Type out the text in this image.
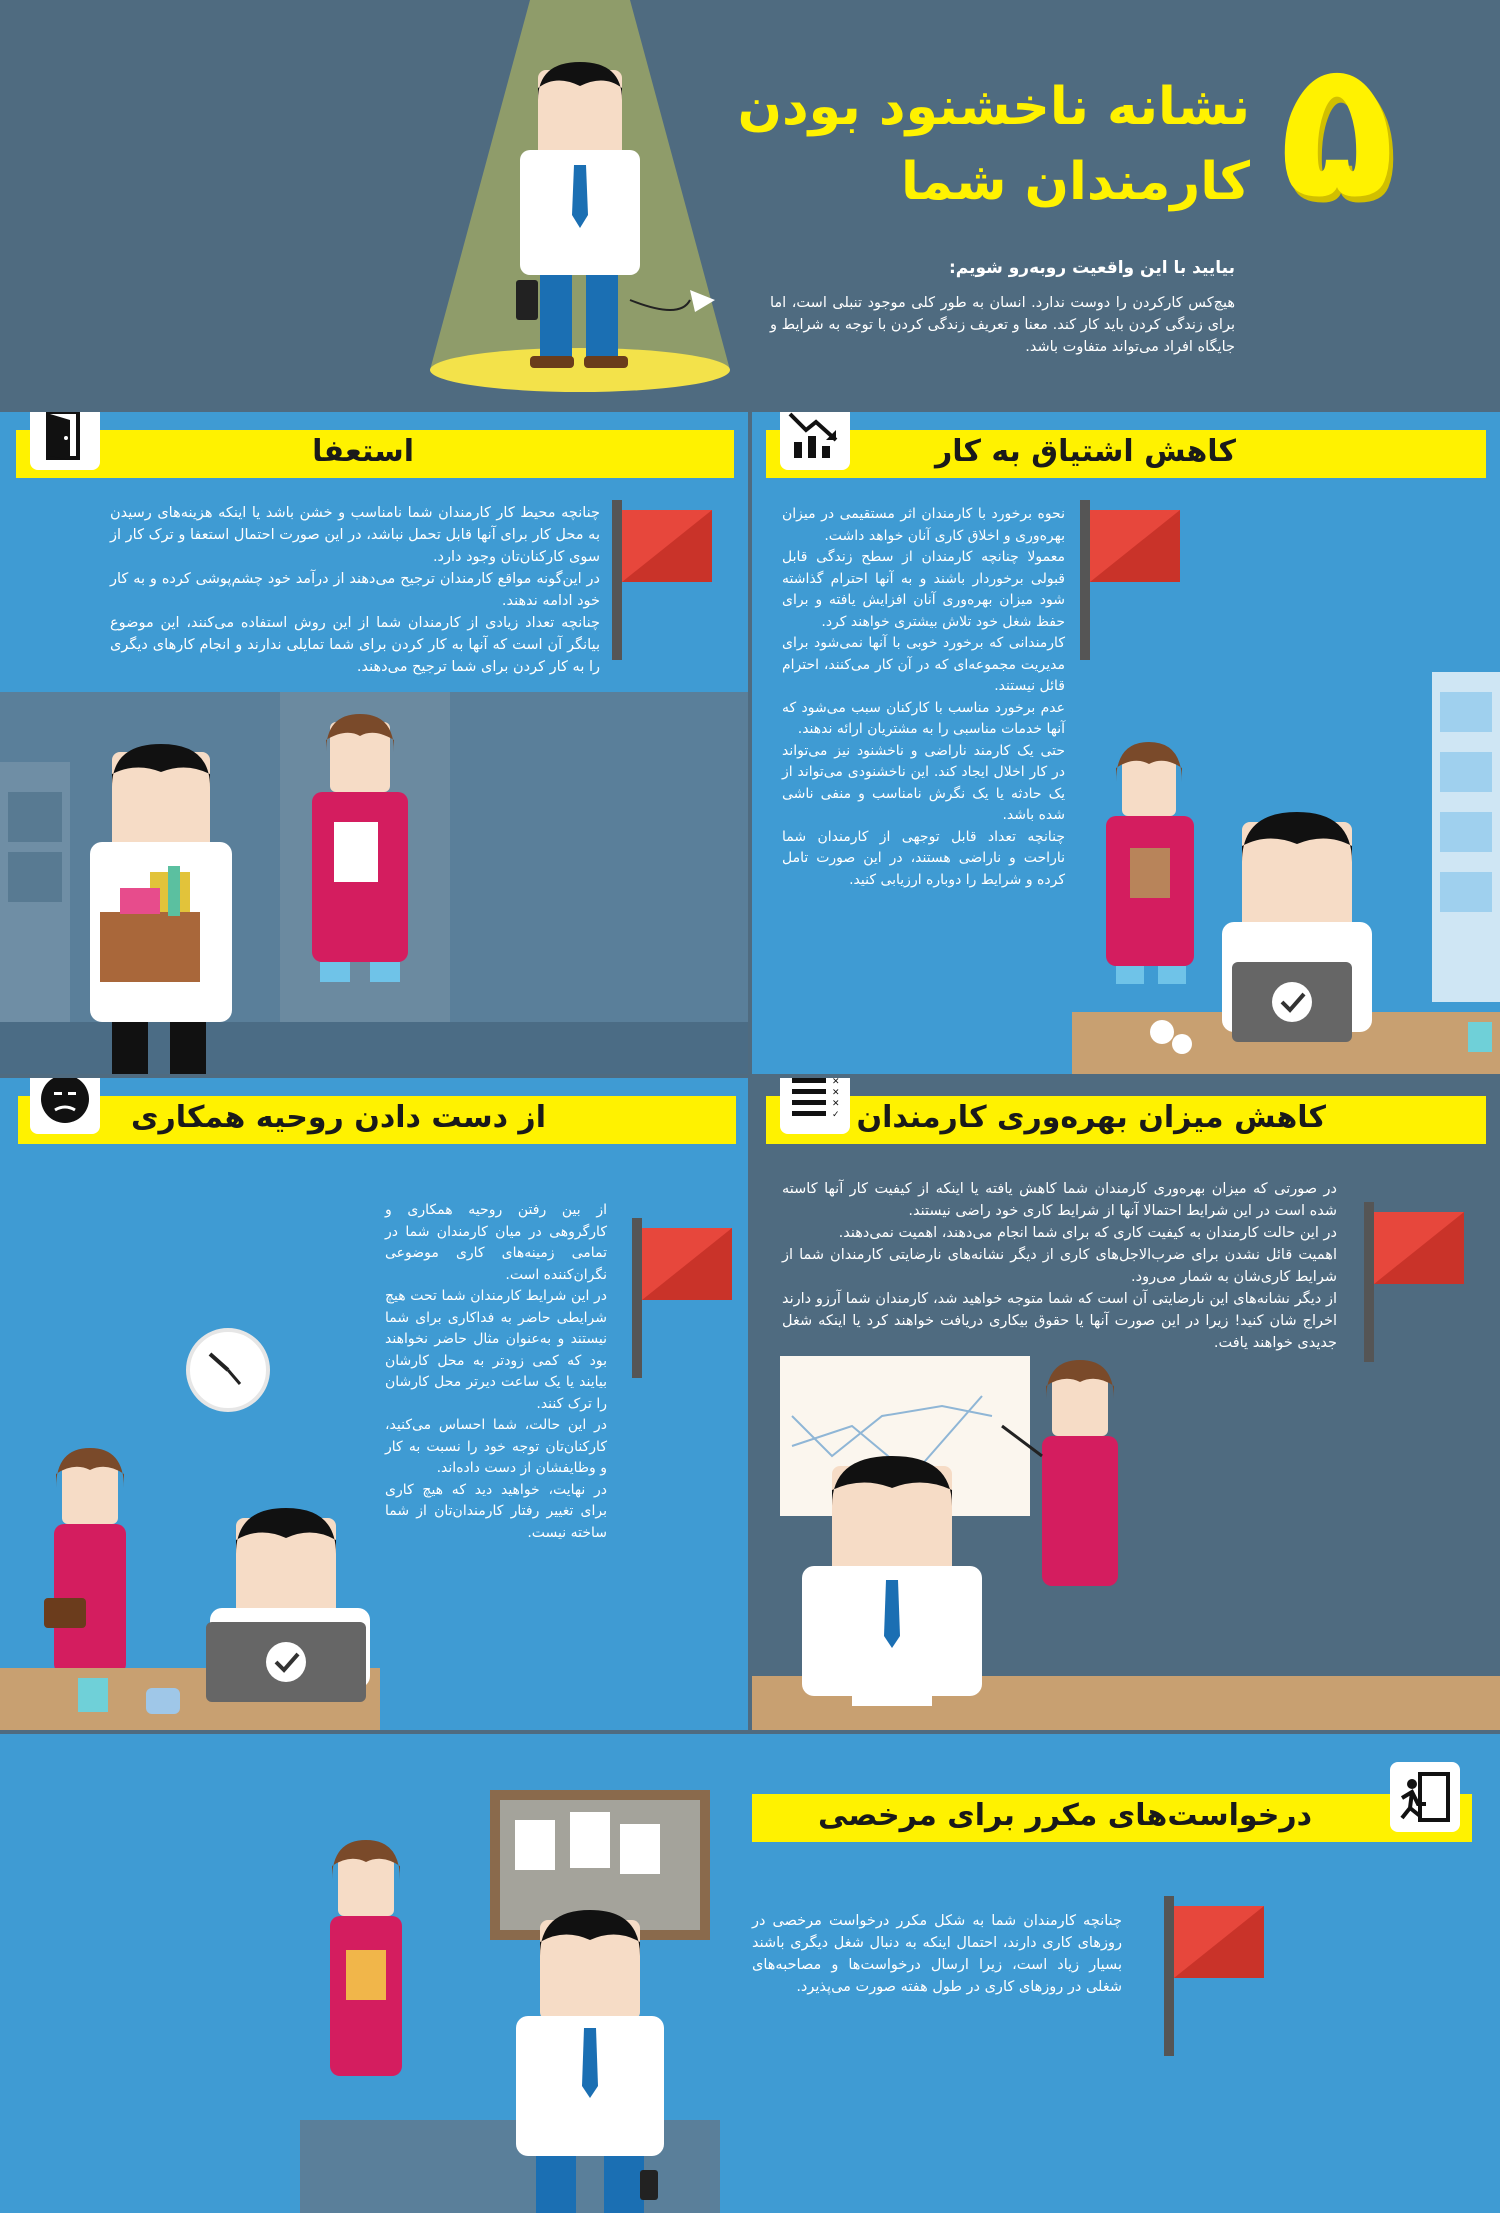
۵
نشانه ناخشنود بودن
کارمندان شما
بیایید با این واقعیت روبه‌رو شویم:
هیچ‌کس کارکردن را دوست ندارد. انسان به طور کلی موجود تنبلی است، اما برای زندگی کردن باید کار کند. معنا و تعریف زندگی کردن با توجه به شرایط و جایگاه افراد می‌تواند متفاوت باشد.
استعفا

چنانچه محیط کار کارمندان شما نامناسب و خشن باشد یا اینکه هزینه‌های رسیدن به محل کار برای آنها قابل تحمل نباشد، در این صورت احتمال استعفا و ترک کار از سوی کارکنان‌تان وجود دارد.

در این‌گونه مواقع کارمندان ترجیح می‌دهند از درآمد خود چشم‌پوشی کرده و به کار خود ادامه ندهند.

چنانچه تعداد زیادی از کارمندان شما از این روش استفاده می‌کنند، این موضوع بیانگر آن است که آنها به کار کردن برای شما تمایلی ندارند و انجام کارهای دیگری را به کار کردن برای شما ترجیح می‌دهند.

کاهش اشتیاق به کار

نحوه برخورد با کارمندان اثر مستقیمی در میزان بهره‌وری و اخلاق کاری آنان خواهد داشت.

معمولا چنانچه کارمندان از سطح زندگی قابل قبولی برخوردار باشند و به آنها احترام گذاشته شود میزان بهره‌وری آنان افزایش یافته و برای حفظ شغل خود تلاش بیشتری خواهند کرد.

کارمندانی که برخورد خوبی با آنها نمی‌شود برای مدیریت مجموعه‌ای که در آن کار می‌کنند، احترام قائل نیستند.

عدم برخورد مناسب با کارکنان سبب می‌شود که آنها خدمات مناسبی را به مشتریان ارائه ندهند.

حتی یک کارمند ناراضی و ناخشنود نیز می‌تواند در کار اخلال ایجاد کند. این ناخشنودی می‌تواند از یک حادثه یا یک نگرش نامناسب و منفی ناشی شده باشد.

چنانچه تعداد قابل توجهی از کارمندان شما ناراحت و ناراضی هستند، در این صورت تامل کرده و شرایط را دوباره ارزیابی کنید.

از دست دادن روحیه همکاری

از بین رفتن روحیه همکاری و کارگروهی در میان کارمندان شما در تمامی زمینه‌های کاری موضوعی نگران‌کننده است.

در این شرایط کارمندان شما تحت هیچ شرایطی حاضر به فداکاری برای شما نیستند و به‌عنوان مثال حاضر نخواهند بود که کمی زودتر به محل کارشان بیایند یا یک ساعت دیرتر محل کارشان را ترک کنند.

در این حالت، شما احساس می‌کنید، کارکنان‌تان توجه خود را نسبت به کار و وظایفشان از دست داده‌اند.

در نهایت، خواهید دید که هیچ کاری برای تغییر رفتار کارمندان‌تان از شما ساخته نیست.

کاهش میزان بهره‌وری کارمندان
✕
✕
✕
✓

در صورتی که میزان بهره‌وری کارمندان شما کاهش یافته یا اینکه از کیفیت کار آنها کاسته شده است در این شرایط احتمالا آنها از شرایط کاری خود راضی نیستند.

در این حالت کارمندان به کیفیت کاری که برای شما انجام می‌دهند، اهمیت نمی‌دهند.

اهمیت قائل نشدن برای ضرب‌الاجل‌های کاری از دیگر نشانه‌های نارضایتی کارمندان شما از شرایط کاری‌شان به شمار می‌رود.

از دیگر نشانه‌های این نارضایتی آن است که شما متوجه خواهید شد، کارمندان شما آرزو دارند اخراج شان کنید! زیرا در این صورت آنها یا حقوق بیکاری دریافت خواهند کرد یا اینکه شغل جدیدی خواهند یافت.

درخواست‌های مکرر برای مرخصی

چنانچه کارمندان شما به شکل مکرر درخواست مرخصی در روزهای کاری دارند، احتمال اینکه به دنبال شغل دیگری باشند بسیار زیاد است، زیرا ارسال درخواست‌ها و مصاحبه‌های شغلی در روزهای کاری در طول هفته صورت می‌پذیرد.
